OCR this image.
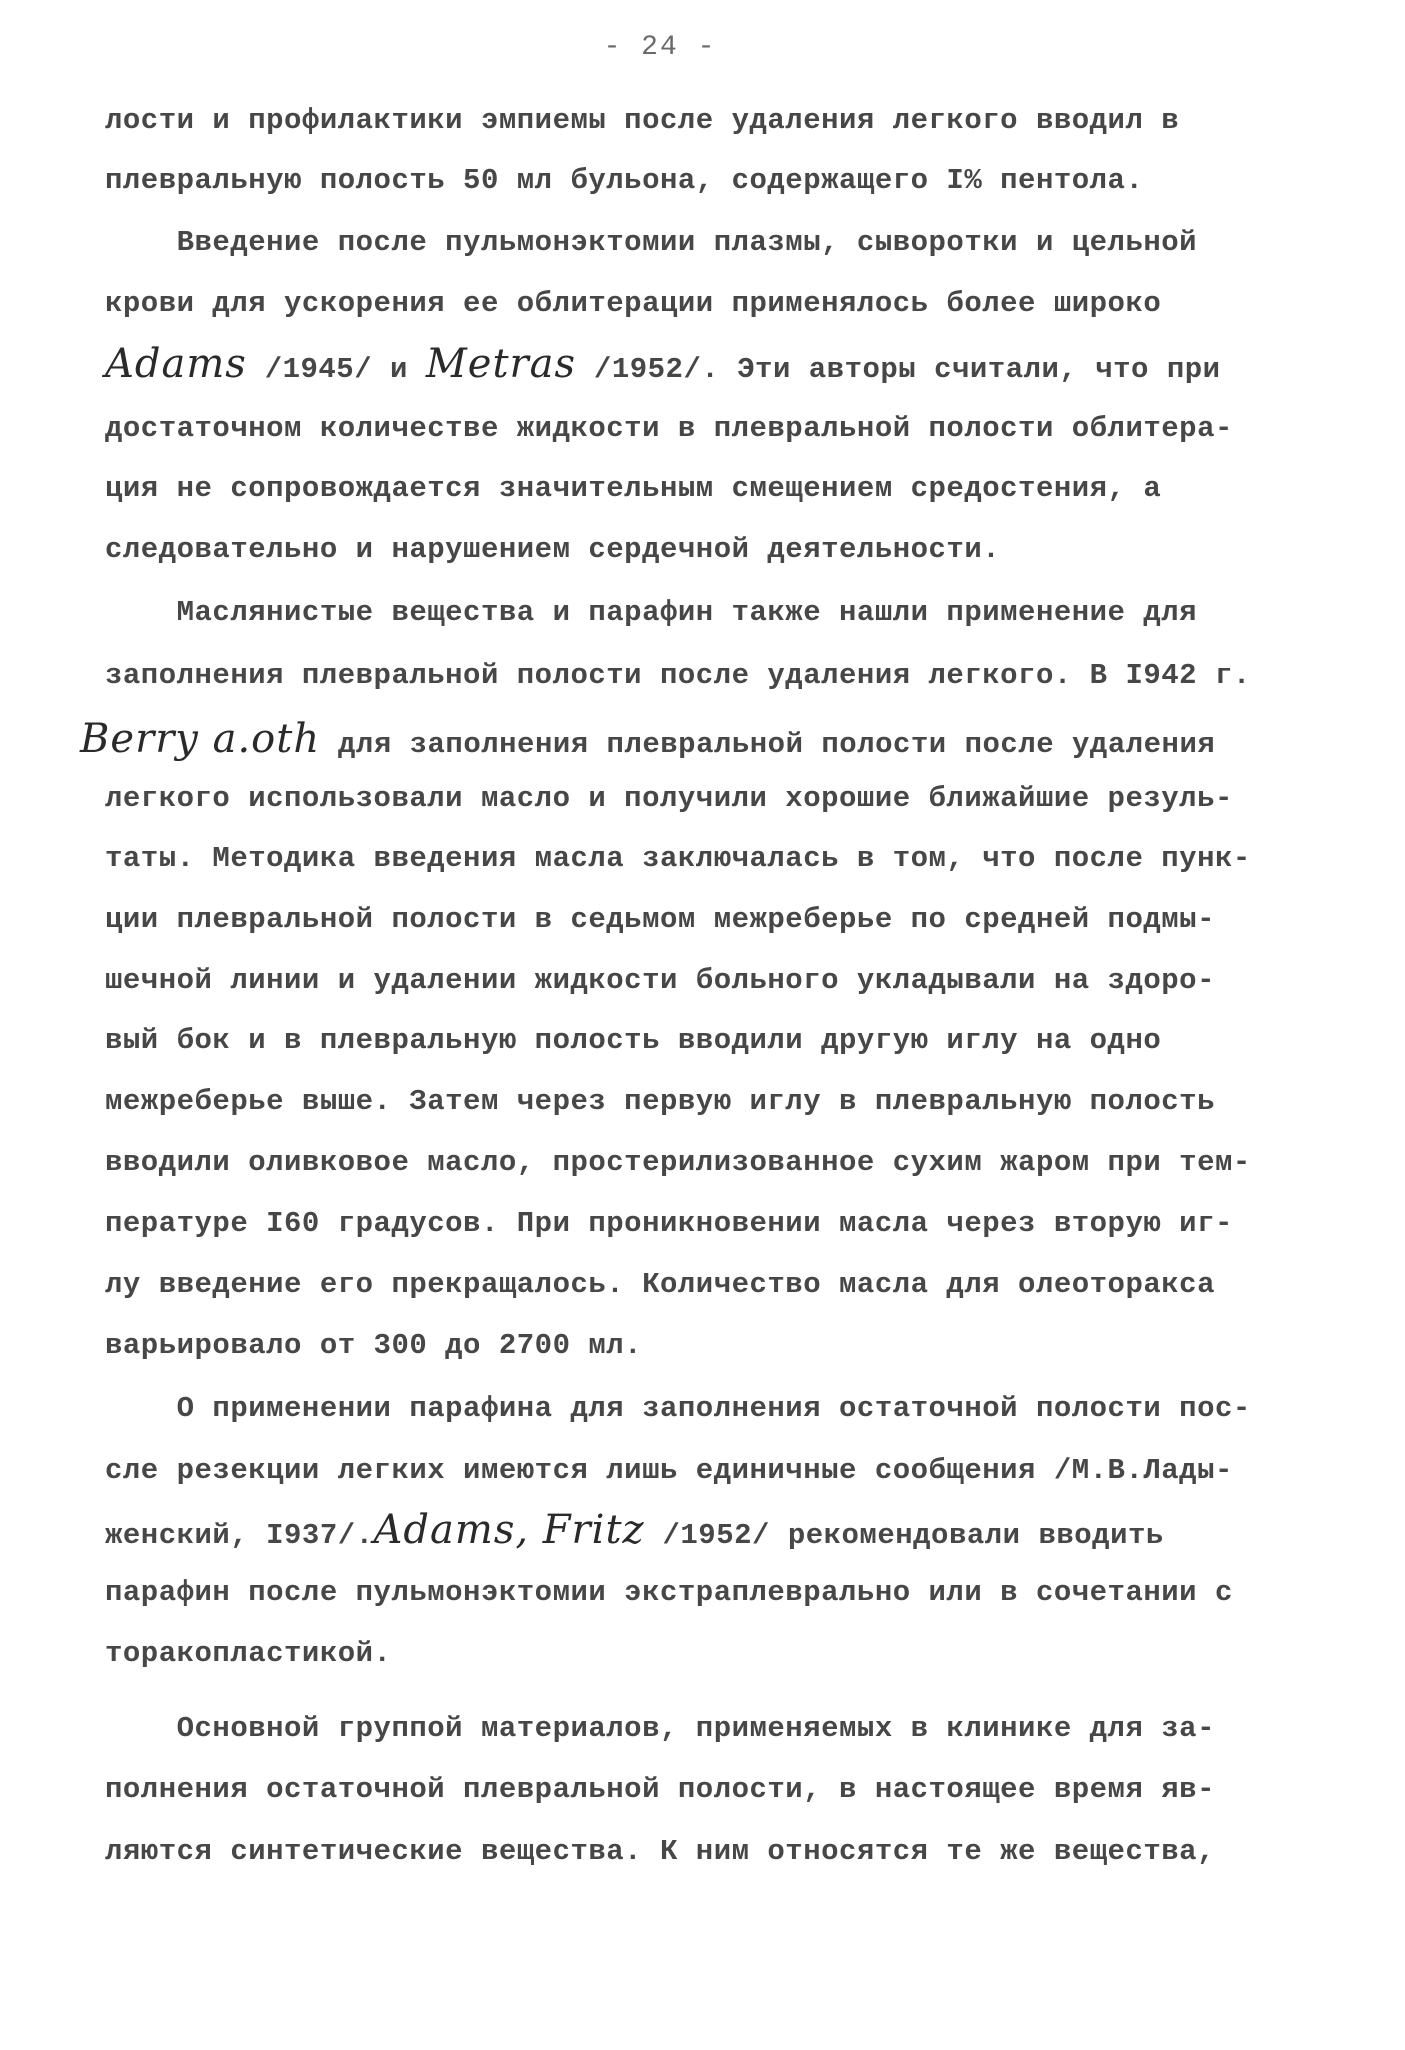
- 24 -
лости и профилактики эмпиемы после удаления легкого вводил в
плевральную полость 50 мл бульона, содержащего I% пентола.
Введение после пульмонэктомии плазмы, сыворотки и цельной
крови для ускорения ее облитерации применялось более широко
Adams /1945/ и Metras /1952/. Эти авторы считали, что при
достаточном количестве жидкости в плевральной полости облитера-
ция не сопровождается значительным смещением средостения, а
следовательно и нарушением сердечной деятельности.
Маслянистые вещества и парафин также нашли применение для
заполнения плевральной полости после удаления легкого. В I942 г.
Berry a.oth для заполнения плевральной полости после удаления
легкого использовали масло и получили хорошие ближайшие резуль-
таты. Методика введения масла заключалась в том, что после пунк-
ции плевральной полости в седьмом межреберье по средней подмы-
шечной линии и удалении жидкости больного укладывали на здоро-
вый бок и в плевральную полость вводили другую иглу на одно
межреберье выше. Затем через первую иглу в плевральную полость
вводили оливковое масло, простерилизованное сухим жаром при тем-
пературе I60 градусов. При проникновении масла через вторую иг-
лу введение его прекращалось. Количество масла для олеоторакса
варьировало от 300 до 2700 мл.
О применении парафина для заполнения остаточной полости пос-
сле резекции легких имеются лишь единичные сообщения /М.В.Лады-
женский, I937/.Adams, Fritz /1952/ рекомендовали вводить
парафин после пульмонэктомии экстраплеврально или в сочетании с
торакопластикой.
Основной группой материалов, применяемых в клинике для за-
полнения остаточной плевральной полости, в настоящее время яв-
ляются синтетические вещества. К ним относятся те же вещества,
